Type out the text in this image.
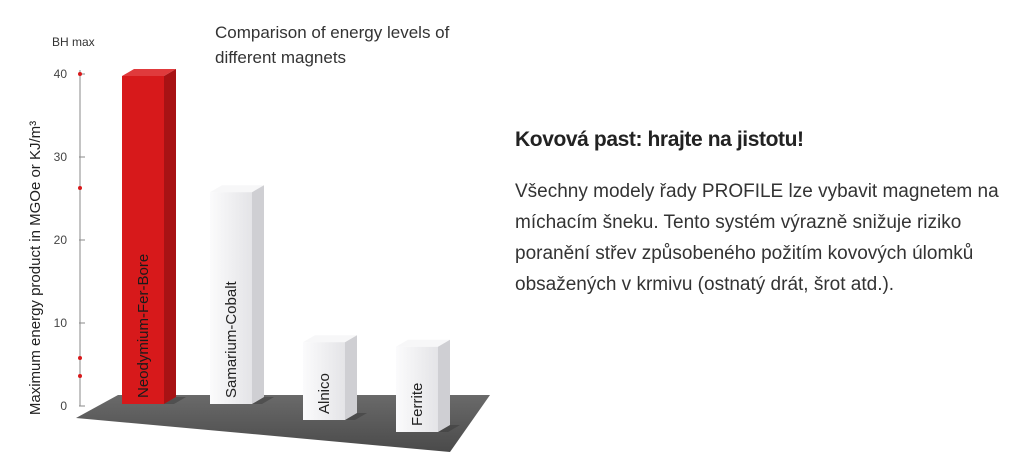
BH max
0
10
20
30
40
Maximum energy product in MGOe or KJ/m³	Neodymium-Fer-Bore	Samarium-Cobalt	Alnico	Ferrite

Comparison of energy levels of different magnets

Kovová past: hrajte na jistotu!

Všechny modely řady PROFILE lze vybavit magnetem na míchacím šneku. Tento systém výrazně snižuje riziko poranění střev způsobeného požitím kovových úlomků obsažených v krmivu (ostnatý drát, šrot atd.).
